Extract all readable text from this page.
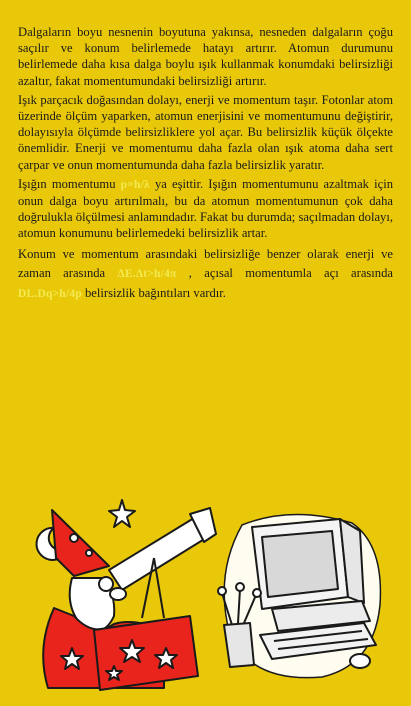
Dalgaların boyu nesnenin boyutuna yakınsa, nesneden dalgaların çoğu saçılır ve konum belirlemede hatayı artırır. Atomun durumunu belirlemede daha kısa dalga boylu ışık kullanmak konumdaki belirsizliği azaltır, fakat momentumundaki belirsizliği artırır.

Işık parçacık doğasından dolayı, enerji ve momentum taşır. Fotonlar atom üzerinde ölçüm yaparken, atomun enerjisini ve momentumunu değiştirir, dolayısıyla ölçümde belirsizliklere yol açar. Bu belirsizlik küçük ölçekte önemlidir. Enerji ve momentumu daha fazla olan ışık atoma daha sert çarpar ve onun momentumunda daha fazla belirsizlik yaratır.

Işığın momentumu p=h/λ ya eşittir. Işığın momentumunu azaltmak için onun dalga boyu artırılmalı, bu da atomun momentumunun çok daha doğrulukla ölçülmesi anlamındadır. Fakat bu durumda; saçılmadan dolayı, atomun konumunu belirlemedeki belirsizlik artar.

Konum ve momentum arasındaki belirsizliğe benzer olarak enerji ve zaman arasında ΔE.Δt>h/4π , açısal momentumla açı arasında DL.Dq>h/4p belirsizlik bağıntıları vardır.
